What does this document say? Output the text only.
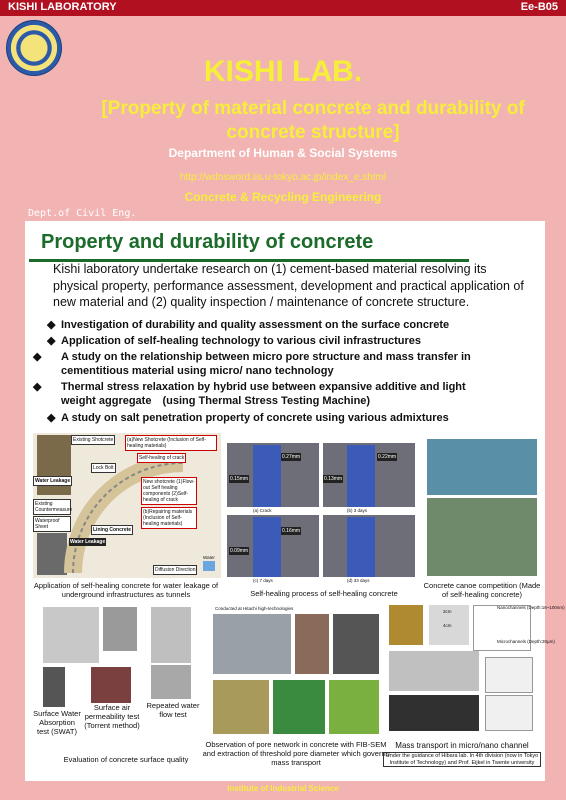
KISHI LABORATORY	Ee-B05
KISHI LAB.
[Property of material concrete and durability of
concrete structure]
Department of Human & Social Systems
http://wdnsword.iis.u-tokyo.ac.jp/index_e.shtml
Concrete & Recycling Engineering
Dept.of Civil Eng.
Property and durability of concrete
Kishi laboratory undertake research on (1) cement-based material resolving its physical property, performance assessment, development and practical application of new material and (2) quality inspection / maintenance of concrete structure.
◆ Investigation of durability and quality assessment on the surface concrete
◆ Application of self-healing technology to various civil infrastructures
◆ A study on the relationship between micro pore structure and mass transfer in cementitious material using micro/ nano technology
◆ Thermal stress relaxation by hybrid use between expansive additive and light weight aggregate　(using Thermal Stress Testing Machine)
◆ A study on salt penetration property of concrete using various admixtures
Existing Shotcrete	(a)New Shotcrete (Inclusion of Self-healing materials)
Self-healing of crack
Lock Bolt
Water Leakage
Existing Countermeasure
Waterproof Sheet
New shotcrete (1)Flow-out Self healing components (2)Self-healing of crack
(b)Repairing materials (Inclusion of Self-healing materials)
Lining Concrete
Water Leakage
Diffusion Direction
Water
Application of self-healing concrete for water leakage of underground infrastructures as tunnels
0.27mm	0.22mm
0.15mm	0.13mm
0.16mm
0.09mm
(a) Crack	(b) 3 days
(c) 7 days	(d) 33 days
Self-healing process of self-healing concrete
Concrete canoe competition (Made of self-healing concrete)
Surface Water Absorption test (SWAT)
Surface air permeability test (Torrent method)
Repeated water flow test
Evaluation of concrete surface quality
Conducted at Hitachi high-technologies
Observation of pore network in concrete with FIB-SEM and extraction of threshold pore diameter which governs mass transport
Nanochannels (Depth:18~100nm)
Microchannels (Depth:30μm)
3cm
4cm
Mass transport in micro/nano channel
Under the guidance of Hibara lab. In 4th division (now in Tokyo Institute of Technology) and Prof. Eijkel in Twente university
Institute of Industrial Science
